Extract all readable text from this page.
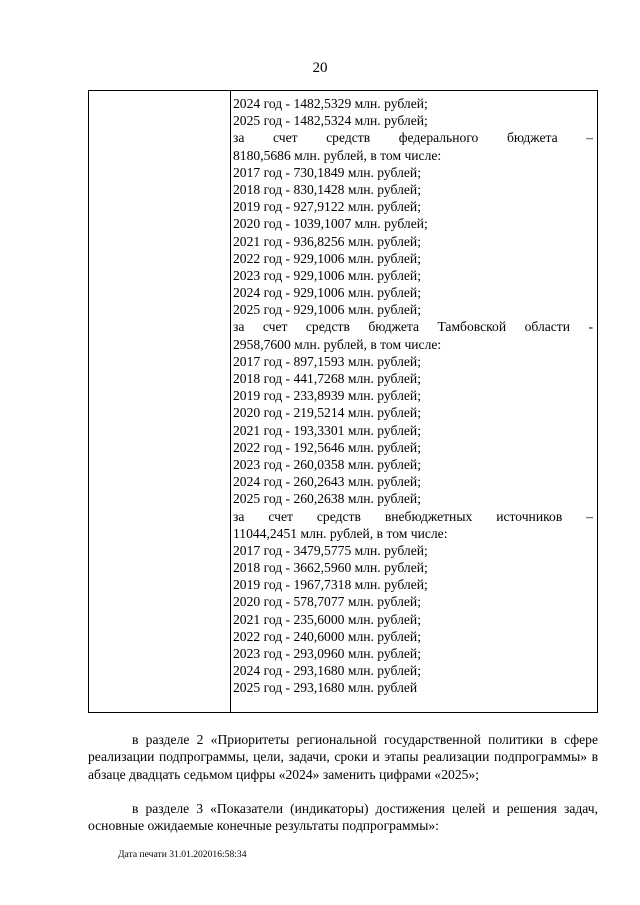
20
2024 год - 1482,5329 млн. рублей;
2025 год - 1482,5324 млн. рублей;
за счет средств федерального бюджета –
8180,5686 млн. рублей, в том числе:
2017 год - 730,1849 млн. рублей;
2018 год - 830,1428 млн. рублей;
2019 год - 927,9122 млн. рублей;
2020 год - 1039,1007 млн. рублей;
2021 год - 936,8256 млн. рублей;
2022 год - 929,1006 млн. рублей;
2023 год - 929,1006 млн. рублей;
2024 год - 929,1006 млн. рублей;
2025 год - 929,1006 млн. рублей;
за счет средств бюджета Тамбовской области -
2958,7600 млн. рублей, в том числе:
2017 год - 897,1593 млн. рублей;
2018 год - 441,7268 млн. рублей;
2019 год - 233,8939 млн. рублей;
2020 год - 219,5214 млн. рублей;
2021 год - 193,3301 млн. рублей;
2022 год - 192,5646 млн. рублей;
2023 год - 260,0358 млн. рублей;
2024 год - 260,2643 млн. рублей;
2025 год - 260,2638 млн. рублей;
за счет средств внебюджетных источников –
11044,2451 млн. рублей, в том числе:
2017 год - 3479,5775 млн. рублей;
2018 год - 3662,5960 млн. рублей;
2019 год - 1967,7318 млн. рублей;
2020 год - 578,7077 млн. рублей;
2021 год - 235,6000 млн. рублей;
2022 год - 240,6000 млн. рублей;
2023 год - 293,0960 млн. рублей;
2024 год - 293,1680 млн. рублей;
2025 год - 293,1680 млн. рублей

в разделе 2 «Приоритеты региональной государственной политики в сфере реализации подпрограммы, цели, задачи, сроки и этапы реализации подпрограммы» в абзаце двадцать седьмом цифры «2024» заменить цифрами «2025»;

в разделе 3 «Показатели (индикаторы) достижения целей и решения задач, основные ожидаемые конечные результаты подпрограммы»:

Дата печати 31.01.202016:58:34
